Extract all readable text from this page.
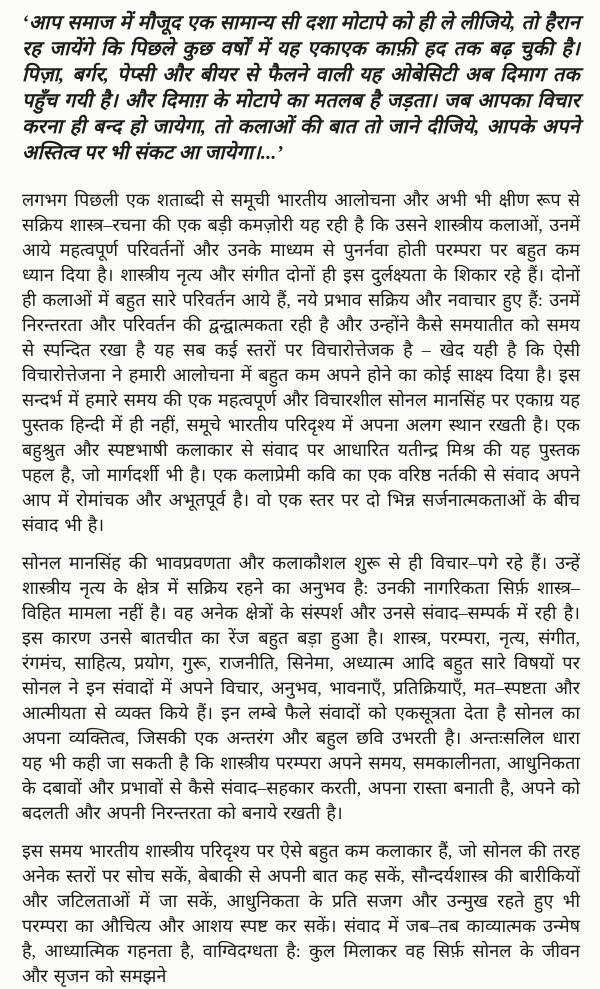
‘आप समाज में मौजूद एक सामान्य सी दशा मोटापे को ही ले लीजिये, तो हैरान रह जायेंगे कि पिछले कुछ वर्षों में यह एकाएक काफ़ी हद तक बढ़ चुकी है। पिज़ा, बर्गर, पेप्सी और बीयर से फैलने वाली यह ओबेसिटी अब दिमाग तक पहुँच गयी है। और दिमाग़ के मोटापे का मतलब है जड़ता। जब आपका विचार करना ही बन्द हो जायेगा, तो कलाओं की बात तो जाने दीजिये, आपके अपने अस्तित्व पर भी संकट आ जायेगा।...’

लगभग पिछली एक शताब्दी से समूची भारतीय आलोचना और अभी भी क्षीण रूप से सक्रिय शास्त्र–रचना की एक बड़ी कमज़ोरी यह रही है कि उसने शास्त्रीय कलाओं, उनमें आये महत्वपूर्ण परिवर्तनों और उनके माध्यम से पुनर्नवा होती परम्परा पर बहुत कम ध्यान दिया है। शास्त्रीय नृत्य और संगीत दोनों ही इस दुर्लक्ष्यता के शिकार रहे हैं। दोनों ही कलाओं में बहुत सारे परिवर्तन आये हैं, नये प्रभाव सक्रिय और नवाचार हुए हैं: उनमें निरन्तरता और परिवर्तन की द्वन्द्वात्मकता रही है और उन्होंने कैसे समयातीत को समय से स्पन्दित रखा है यह सब कई स्तरों पर विचारोत्तेजक है – खेद यही है कि ऐसी विचारोत्तेजना ने हमारी आलोचना में बहुत कम अपने होने का कोई साक्ष्य दिया है। इस सन्दर्भ में हमारे समय की एक महत्वपूर्ण और विचारशील सोनल मानसिंह पर एकाग्र यह पुस्तक हिन्दी में ही नहीं, समूचे भारतीय परिदृश्य में अपना अलग स्थान रखती है। एक बहुश्रुत और स्पष्टभाषी कलाकार से संवाद पर आधारित यतीन्द्र मिश्र की यह पुस्तक पहल है, जो मार्गदर्शी भी है। एक कलाप्रेमी कवि का एक वरिष्ठ नर्तकी से संवाद अपने आप में रोमांचक और अभूतपूर्व है। वो एक स्तर पर दो भिन्न सर्जनात्मकताओं के बीच संवाद भी है।

सोनल मानसिंह की भावप्रवणता और कलाकौशल शुरू से ही विचार–पगे रहे हैं। उन्हें शास्त्रीय नृत्य के क्षेत्र में सक्रिय रहने का अनुभव है: उनकी नागरिकता सिर्फ़ शास्त्र–विहित मामला नहीं है। वह अनेक क्षेत्रों के संस्पर्श और उनसे संवाद–सम्पर्क में रही है। इस कारण उनसे बातचीत का रेंज बहुत बड़ा हुआ है। शास्त्र, परम्परा, नृत्य, संगीत, रंगमंच, साहित्य, प्रयोग, गुरू, राजनीति, सिनेमा, अध्यात्म आदि बहुत सारे विषयों पर सोनल ने इन संवादों में अपने विचार, अनुभव, भावनाएँ, प्रतिक्रियाएँ, मत–स्पष्टता और आत्मीयता से व्यक्त किये हैं। इन लम्बे फैले संवादों को एकसूत्रता देता है सोनल का अपना व्यक्तित्व, जिसकी एक अन्तरंग और बहुल छवि उभरती है। अन्तःसलिल धारा यह भी कही जा सकती है कि शास्त्रीय परम्परा अपने समय, समकालीनता, आधुनिकता के दबावों और प्रभावों से कैसे संवाद–सहकार करती, अपना रास्ता बनाती है, अपने को बदलती और अपनी निरन्तरता को बनाये रखती है।

इस समय भारतीय शास्त्रीय परिदृश्य पर ऐसे बहुत कम कलाकार हैं, जो सोनल की तरह अनेक स्तरों पर सोच सकें, बेबाकी से अपनी बात कह सकें, सौन्दर्यशास्त्र की बारीकियों और जटिलताओं में जा सकें, आधुनिकता के प्रति सजग और उन्मुख रहते हुए भी परम्परा का औचित्य और आशय स्पष्ट कर सकें। संवाद में जब–तब काव्यात्मक उन्मेष है, आध्यात्मिक गहनता है, वाग्विदग्धता है: कुल मिलाकर वह सिर्फ़ सोनल के जीवन और सृजन को समझने
